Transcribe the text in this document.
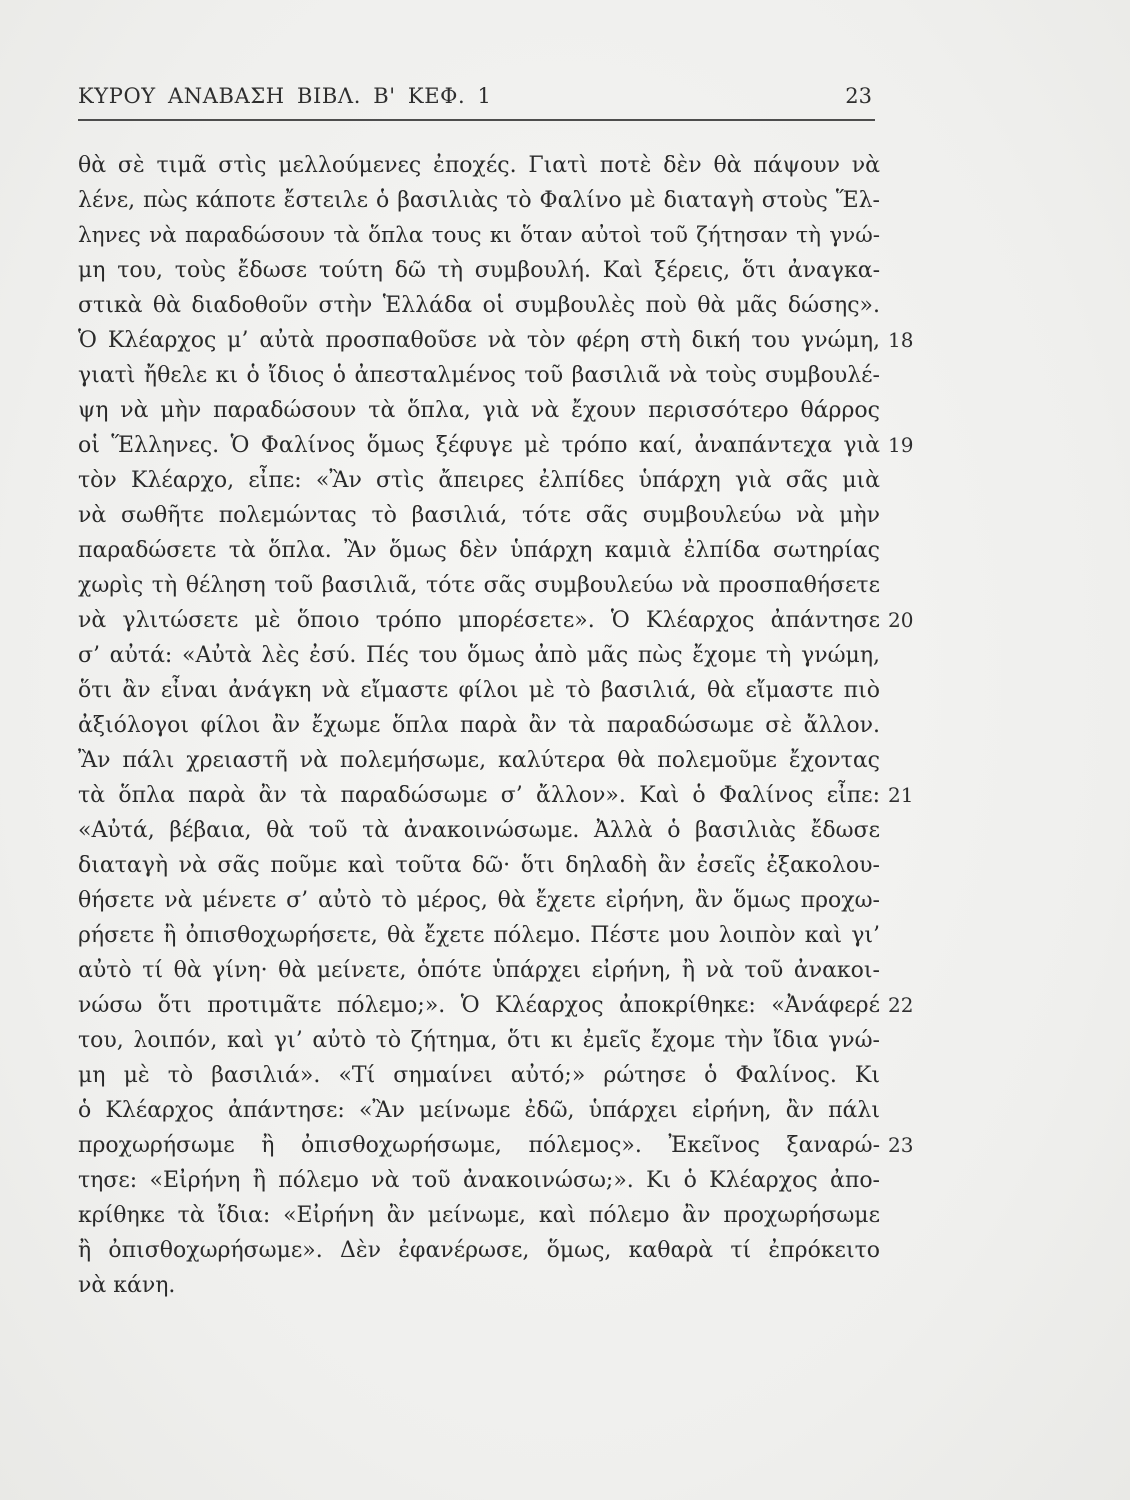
ΚΥΡΟΥ ΑΝΑΒΑΣΗ ΒΙΒΛ. Β' ΚΕΦ. 1	23
θὰ σὲ τιμᾶ στὶς μελλούμενες ἐποχές. Γιατὶ ποτὲ δὲν θὰ πάψουν νὰ
λένε, πὼς κάποτε ἔστειλε ὁ βασιλιὰς τὸ Φαλίνο μὲ διαταγὴ στοὺς Ἕλ-
ληνες νὰ παραδώσουν τὰ ὅπλα τους κι ὅταν αὐτοὶ τοῦ ζήτησαν τὴ γνώ-
μη του, τοὺς ἔδωσε τούτη δῶ τὴ συμβουλή. Καὶ ξέρεις, ὅτι ἀναγκα-
στικὰ θὰ διαδοθοῦν στὴν Ἑλλάδα οἱ συμβουλὲς ποὺ θὰ μᾶς δώσης».
Ὁ Κλέαρχος μ’ αὐτὰ προσπαθοῦσε νὰ τὸν φέρη στὴ δική του γνώμη, 18
γιατὶ ἤθελε κι ὁ ἴδιος ὁ ἀπεσταλμένος τοῦ βασιλιᾶ νὰ τοὺς συμβουλέ-
ψη νὰ μὴν παραδώσουν τὰ ὅπλα, γιὰ νὰ ἔχουν περισσότερο θάρρος
οἱ Ἕλληνες. Ὁ Φαλίνος ὅμως ξέφυγε μὲ τρόπο καί, ἀναπάντεχα γιὰ 19
τὸν Κλέαρχο, εἶπε: «Ἂν στὶς ἄπειρες ἐλπίδες ὑπάρχη γιὰ σᾶς μιὰ
νὰ σωθῆτε πολεμώντας τὸ βασιλιά, τότε σᾶς συμβουλεύω νὰ μὴν
παραδώσετε τὰ ὅπλα. Ἂν ὅμως δὲν ὑπάρχη καμιὰ ἐλπίδα σωτηρίας
χωρὶς τὴ θέληση τοῦ βασιλιᾶ, τότε σᾶς συμβουλεύω νὰ προσπαθήσετε
νὰ γλιτώσετε μὲ ὅποιο τρόπο μπορέσετε». Ὁ Κλέαρχος ἀπάντησε 20
σ’ αὐτά: «Αὐτὰ λὲς ἐσύ. Πές του ὅμως ἀπὸ μᾶς πὼς ἔχομε τὴ γνώμη,
ὅτι ἂν εἶναι ἀνάγκη νὰ εἴμαστε φίλοι μὲ τὸ βασιλιά, θὰ εἴμαστε πιὸ
ἀξιόλογοι φίλοι ἂν ἔχωμε ὅπλα παρὰ ἂν τὰ παραδώσωμε σὲ ἄλλον.
Ἂν πάλι χρειαστῆ νὰ πολεμήσωμε, καλύτερα θὰ πολεμοῦμε ἔχοντας
τὰ ὅπλα παρὰ ἂν τὰ παραδώσωμε σ’ ἄλλον». Καὶ ὁ Φαλίνος εἶπε: 21
«Αὐτά, βέβαια, θὰ τοῦ τὰ ἀνακοινώσωμε. Ἀλλὰ ὁ βασιλιὰς ἔδωσε
διαταγὴ νὰ σᾶς ποῦμε καὶ τοῦτα δῶ· ὅτι δηλαδὴ ἂν ἐσεῖς ἐξακολου-
θήσετε νὰ μένετε σ’ αὐτὸ τὸ μέρος, θὰ ἔχετε εἰρήνη, ἂν ὅμως προχω-
ρήσετε ἢ ὀπισθοχωρήσετε, θὰ ἔχετε πόλεμο. Πέστε μου λοιπὸν καὶ γι’
αὐτὸ τί θὰ γίνη· θὰ μείνετε, ὁπότε ὑπάρχει εἰρήνη, ἢ νὰ τοῦ ἀνακοι-
νώσω ὅτι προτιμᾶτε πόλεμο;». Ὁ Κλέαρχος ἀποκρίθηκε: «Ἀνάφερέ 22
του, λοιπόν, καὶ γι’ αὐτὸ τὸ ζήτημα, ὅτι κι ἐμεῖς ἔχομε τὴν ἴδια γνώ-
μη μὲ τὸ βασιλιά». «Τί σημαίνει αὐτό;» ρώτησε ὁ Φαλίνος. Κι
ὁ Κλέαρχος ἀπάντησε: «Ἂν μείνωμε ἐδῶ, ὑπάρχει εἰρήνη, ἂν πάλι
προχωρήσωμε ἢ ὀπισθοχωρήσωμε, πόλεμος». Ἐκεῖνος ξαναρώ- 23
τησε: «Εἰρήνη ἢ πόλεμο νὰ τοῦ ἀνακοινώσω;». Κι ὁ Κλέαρχος ἀπο-
κρίθηκε τὰ ἴδια: «Εἰρήνη ἂν μείνωμε, καὶ πόλεμο ἂν προχωρήσωμε
ἢ ὀπισθοχωρήσωμε». Δὲν ἐφανέρωσε, ὅμως, καθαρὰ τί ἐπρόκειτο
νὰ κάνη.
